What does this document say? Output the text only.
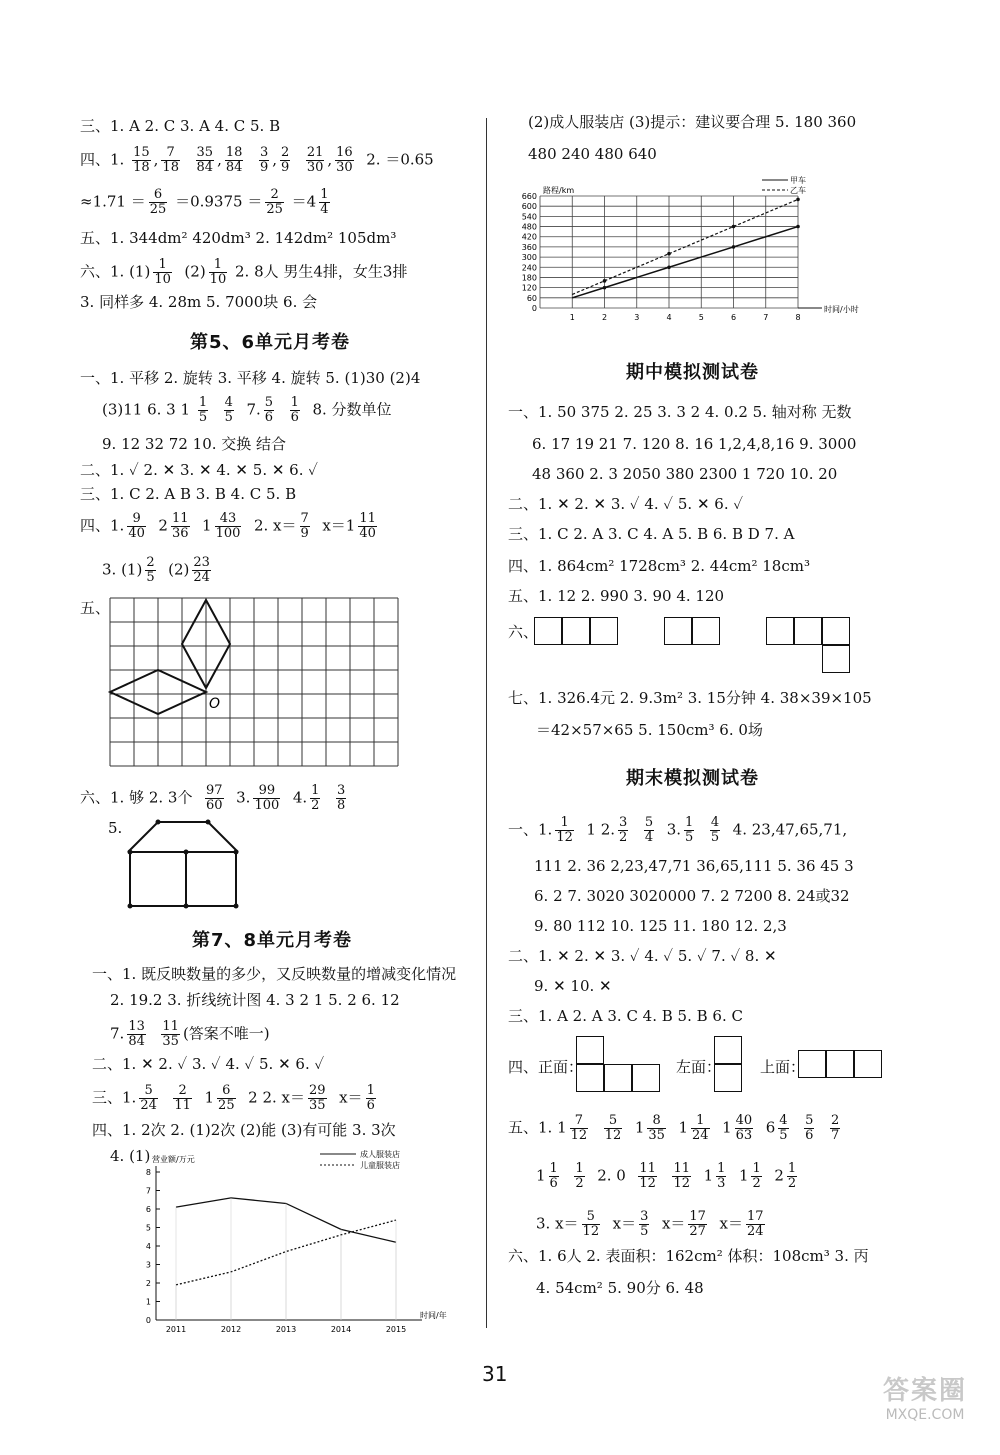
三、1. A 2. C 3. A 4. C 5. B
四、1. $\frac{15}{18}$ , $\frac{7}{18}$
$\frac{35}{84}$ , $\frac{18}{84}$
$\frac{3}{9}$ , $\frac{2}{9}$
$\frac{21}{30}$ , $\frac{16}{30} 2$. ＝0.65
$\approx 1.71 = \frac{6}{25} =0.9375 = \frac{2}{25} =4 \frac{1}{4}$
五、1. 344dm² 420dm³ 2. 142dm² 105dm³
六、1. $(1) \frac{1}{10} (2) \frac{1}{10} 2$. 8人 男生4排，女生3排
3. 同样多 4. 28m 5. 7000块 6. 会
第5、6单元月考卷
一、1. 平移 2. 旋转 3. 平移 4. 旋转 5. (1)30 (2)4
(3)11 6. 3 $1 \frac{1}{5}$
$\frac{4}{5} 7$. $\frac{5}{6}$
$\frac{1}{6} 8$. 分数单位
9. 12 32 72 10. 交换 结合
二、1. ✓ 2. ✕ 3. ✕ 4. ✕ 5. ✕ 6. ✓
三、1. C 2. A B 3. B 4. C 5. B
四、1. $\frac{9}{40} 2 \frac{11}{36} 1 \frac{43}{100} 2$. $x= \frac{7}{9} x=1 \frac{11}{40}$
3. $(1) \frac{2}{5} (2) \frac{23}{24}$
五、
O
六、1. 够 2. 3个 $\frac{97}{60} 3$. $\frac{99}{100} 4$. $\frac{1}{2}$
$\frac{3}{8}$
5.
第7、8单元月考卷
一、1. 既反映数量的多少，又反映数量的增减变化情况
2. 19.2 3. 折线统计图 4. 3 2 1 5. 2 6. 12
7. $\frac{13}{84}$
$\frac{11}{35}$ (答案不唯一)
二、1. ✕ 2. ✓ 3. ✓ 4. ✓ 5. ✕ 6. ✓
三、1. $\frac{5}{24}$
$\frac{2}{11} 1 \frac{6}{25} 2$ 2. $x= \frac{29}{35} x= \frac{1}{6}$
四、1. 2次 2. (1)2次 (2)能 (3)有可能 3. 3次
4. (1)
0
1
2
3
4
5
6
7
8
2011	2012	2013	2014	2015
时间/年
营业额/万元
成人服装店
儿童服装店
(2)成人服装店 (3)提示：建议要合理 5. 180 360
480 240 480 640
0
60
120
180
240
300
360
420
480
540
600
660
1	2	3	4	5	6	7	8
时间/小时
路程/km
甲车
乙车
期中模拟测试卷
一、1. 50 375 2. 25 3. 3 2 4. 0.2 5. 轴对称 无数
6. 17 19 21 7. 120 8. 16 1,2,4,8,16 9. 3000
48 360 2. 3 2050 380 2300 1 720 10. 20
二、1. ✕ 2. ✕ 3. ✓ 4. ✓ 5. ✕ 6. ✓
三、1. C 2. A 3. C 4. A 5. B 6. B D 7. A
四、1. 864cm² 1728cm³ 2. 44cm² 18cm³
五、1. 12 2. 990 3. 90 4. 120
六、
七、1. 326.4元 2. 9.3m² 3. 15分钟 4. 38×39×105
＝42×57×65 5. 150cm³ 6. 0场
期末模拟测试卷
一、1. $\frac{1}{12} 1$ 2. $\frac{3}{2}$
$\frac{5}{4} 3$. $\frac{1}{5}$
$\frac{4}{5} 4$. 23,47,65,71,
111 2. 36 2,23,47,71 36,65,111 5. 36 45 3
6. 2 7. 3020 3020000 7. 2 7200 8. 24或32
9. 80 112 10. 125 11. 180 12. 2,3
二、1. ✕ 2. ✕ 3. ✓ 4. ✓ 5. ✓ 7. ✓ 8. ✕
9. ✕ 10. ✕
三、1. A 2. A 3. C 4. B 5. B 6. C
四、正面：	左面：	上面：
五、1. $1 \frac{7}{12}$
$\frac{5}{12} 1 \frac{8}{35} 1 \frac{1}{24} 1 \frac{40}{63} 6 \frac{4}{5}$
$\frac{5}{6}$
$\frac{2}{7}$
$1 \frac{1}{6}$
$\frac{1}{2} 2$. $0 \frac{11}{12}$
$\frac{11}{12} 1 \frac{1}{3} 1 \frac{1}{2} 2 \frac{1}{2}$
3. $x= \frac{5}{12} x= \frac{3}{5} x= \frac{17}{27} x= \frac{17}{24}$
六、1. 6人 2. 表面积：162cm² 体积：108cm³ 3. 丙
4. 54cm² 5. 90分 6. 48
31
答案圈
MXQE.COM
